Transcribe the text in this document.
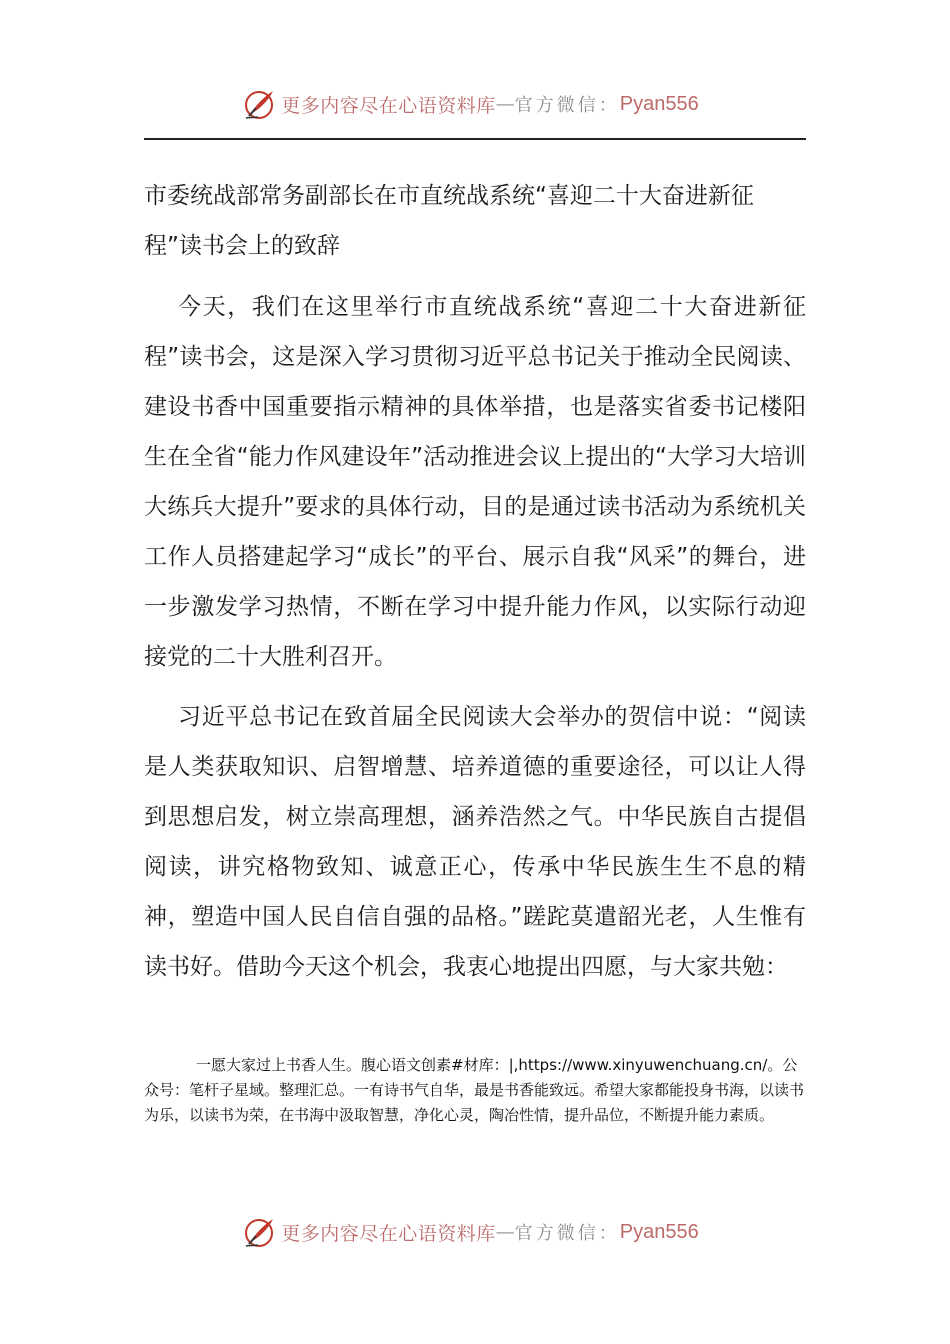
更多内容尽在心语资料库 — 官方微信： Pyan556
市委统战部常务副部长在市直统战系统“喜迎二十大奋进新征程”读书会上的致辞

今天，我们在这里举行市直统战系统“喜迎二十大奋进新征程”读书会，这是深入学习贯彻习近平总书记关于推动全民阅读、建设书香中国重要指示精神的具体举措，也是落实省委书记楼阳生在全省“能力作风建设年”活动推进会议上提出的“大学习大培训大练兵大提升”要求的具体行动，目的是通过读书活动为系统机关工作人员搭建起学习“成长”的平台、展示自我“风采”的舞台，进一步激发学习热情，不断在学习中提升能力作风，以实际行动迎接党的二十大胜利召开。

习近平总书记在致首届全民阅读大会举办的贺信中说：“阅读是人类获取知识、启智增慧、培养道德的重要途径，可以让人得到思想启发，树立崇高理想，涵养浩然之气。中华民族自古提倡阅读，讲究格物致知、诚意正心，传承中华民族生生不息的精神，塑造中国人民自信自强的品格。”蹉跎莫遣韶光老，人生惟有读书好。借助今天这个机会，我衷心地提出四愿，与大家共勉：

一愿大家过上书香人生。腹心语文创素#材库：|,https://www.xinyuwenchuang.cn/。公众号：笔杆子星域。整理汇总。一有诗书气自华，最是书香能致远。希望大家都能投身书海，以读书为乐，以读书为荣，在书海中汲取智慧，净化心灵，陶冶性情，提升品位，不断提升能力素质。

更多内容尽在心语资料库 — 官方微信： Pyan556
